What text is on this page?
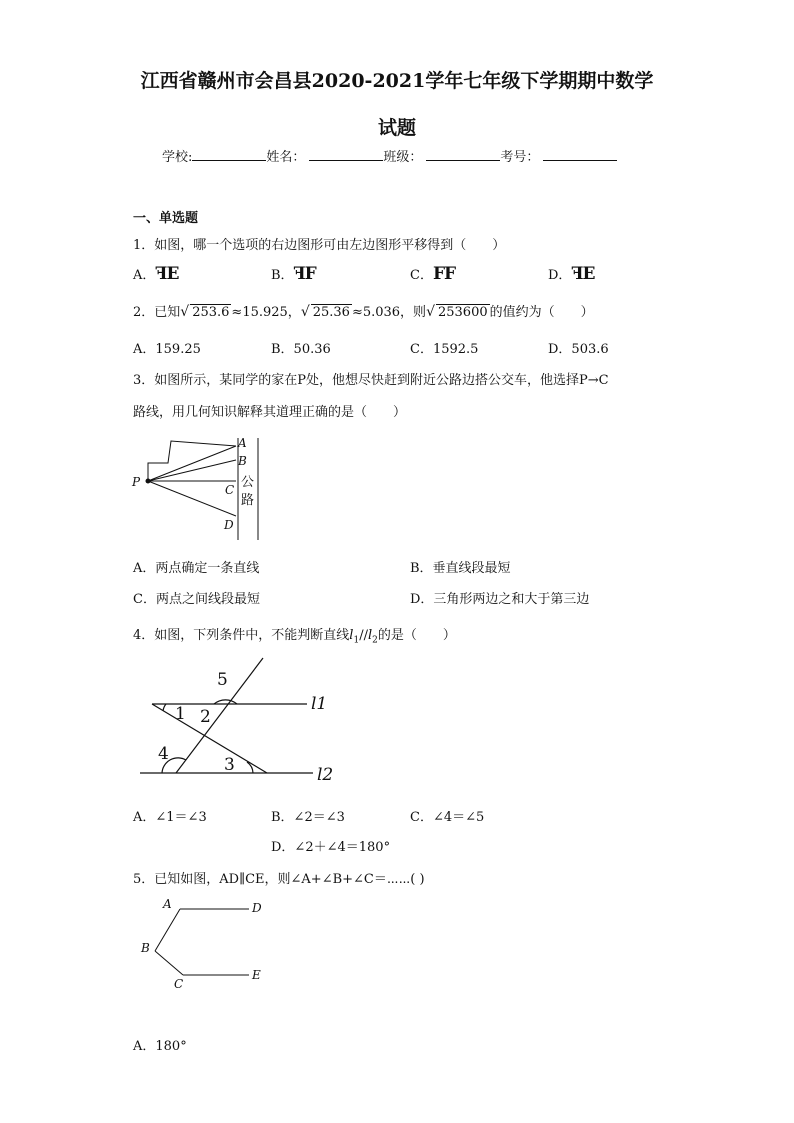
江西省赣州市会昌县2020-2021学年七年级下学期期中数学
试题
学校:	姓名：	班级：	考号：
一、单选题
1．如图，哪一个选项的右边图形可由左边图形平移得到（　　）
A．ꟻE	B．ꟻF	C．FF	D．ꟻE
2．已知√ 253.6 ≈15.925，√ 25.36 ≈5.036，则√ 253600 的值约为（　　）
A．159.25	B．50.36	C．1592.5	D．503.6
3．如图所示，某同学的家在P处，他想尽快赶到附近公路边搭公交车，他选择P→C
路线，用几何知识解释其道理正确的是（　　）
A
B
C
D
P	公
路
A．两点确定一条直线	B．垂直线段最短
C．两点之间线段最短	D．三角形两边之和大于第三边
4．如图，下列条件中，不能判断直线$l_1//l_2$的是（　　）
5
1 2
4
3
l1
l2
A．∠1＝∠3	B．∠2＝∠3	C．∠4＝∠5
D．∠2＋∠4＝180°
5．已知如图，AD∥CE，则∠A+∠B+∠C＝⋯⋯( )
A	D
B
C
E
A．180°
